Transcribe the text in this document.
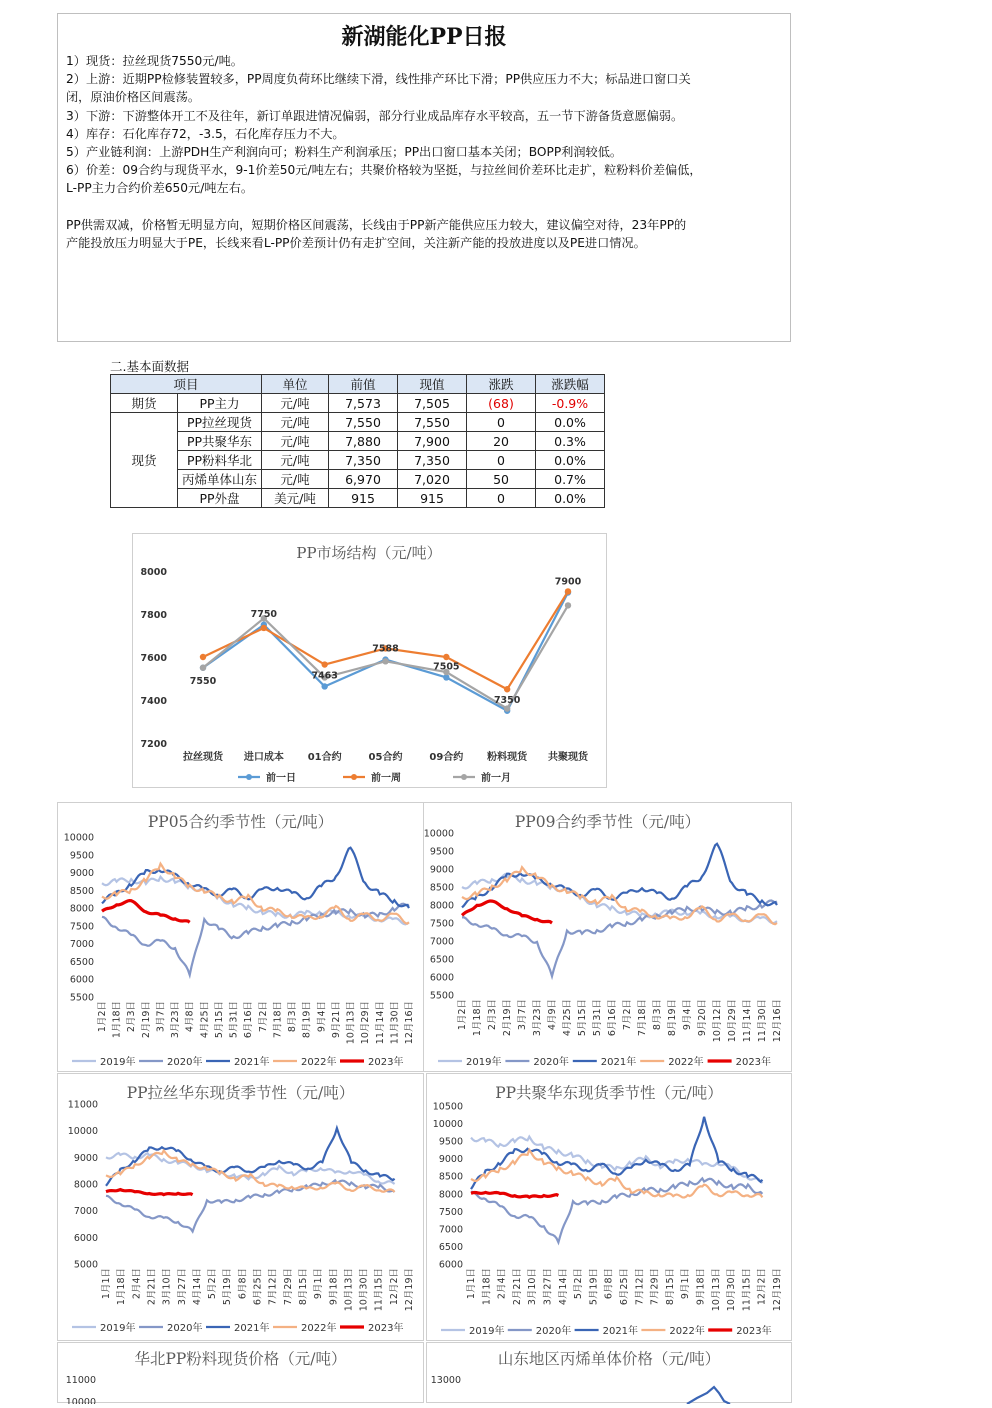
新湖能化PP日报

1）现货：拉丝现货7550元/吨。

2）上游：近期PP检修装置较多，PP周度负荷环比继续下滑，线性排产环比下滑；PP供应压力不大；标品进口窗口关

闭，原油价格区间震荡。

3）下游：下游整体开工不及往年，新订单跟进情况偏弱，部分行业成品库存水平较高，五一节下游备货意愿偏弱。

4）库存：石化库存72，-3.5，石化库存压力不大。

5）产业链利润：上游PDH生产利润向可；粉料生产利润承压；PP出口窗口基本关闭；BOPP利润较低。

6）价差：09合约与现货平水，9-1价差50元/吨左右；共聚价格较为坚挺，与拉丝间价差环比走扩，粒粉料价差偏低，

L-PP主力合约价差650元/吨左右。

PP供需双减，价格暂无明显方向，短期价格区间震荡，长线由于PP新产能供应压力较大，建议偏空对待，23年PP的

产能投放压力明显大于PE，长线来看L-PP价差预计仍有走扩空间，关注新产能的投放进度以及PE进口情况。

二.基本面数据
项目		单位	前值	现值	涨跌	涨跌幅
期货	PP主力	元/吨	7,573	7,505	(68)	-0.9%
现货	PP拉丝现货	元/吨	7,550	7,550	0	0.0%
	PP共聚华东	元/吨	7,880	7,900	20	0.3%
	PP粉料华北	元/吨	7,350	7,350	0	0.0%
	丙烯单体山东	元/吨	6,970	7,020	50	0.7%
	PP外盘	美元/吨	915	915	0	0.0%
PP市场结构（元/吨）
8000
7800
7600
7400
7200
拉丝现货 进口成本 01合约	05合约	09合约 粉料现货 共聚现货
7550
7750
7463
7588
7505
7350
7900
前一日	前一周	前一月
PP05合约季节性（元/吨）
10000
9500
9000
8500
8000
7500
7000
6500
6000
5500
1月2日 1月18日 2月3日 2月19日 3月7日 3月23日 4月8日 4月25日 5月15日 5月31日 6月16日 7月2日 7月18日 8月3日 8月19日 9月4日 9月21日 10月13日 10月29日 11月14日 11月30日 12月16日
2019年	2020年	2021年	2022年	2023年
PP09合约季节性（元/吨）
10000
9500
9000
8500
8000
7500
7000
6500
6000
5500
1月2日 1月18日 2月3日 2月19日 3月7日 3月23日 4月9日 4月25日 5月15日 5月31日 6月16日 7月2日 7月18日 8月3日 8月19日 9月4日 9月20日 10月12日 10月29日 11月14日 11月30日 12月16日
2019年	2020年	2021年	2022年	2023年
PP拉丝华东现货季节性（元/吨）
11000
10000
9000
8000
7000
6000
5000
1月1日 1月18日 2月4日 2月21日 3月10日 3月27日 4月14日 5月2日 5月19日 6月8日 6月25日 7月12日 7月29日 8月15日 9月1日 9月18日 10月13日 10月30日 11月15日 12月2日 12月19日
2019年	2020年	2021年	2022年	2023年
PP共聚华东现货季节性（元/吨）
10500
10000
9500
9000
8500
8000
7500
7000
6500
6000
1月1日 1月18日 2月4日 2月21日 3月10日 3月27日 4月14日 5月2日 5月19日 6月8日 6月25日 7月12日 7月29日 8月15日 9月1日 9月18日 10月13日 10月30日 11月15日 12月2日 12月19日
2019年	2020年	2021年	2022年	2023年
华北PP粉料现货价格（元/吨）
11000
10000
山东地区丙烯单体价格（元/吨）
13000
